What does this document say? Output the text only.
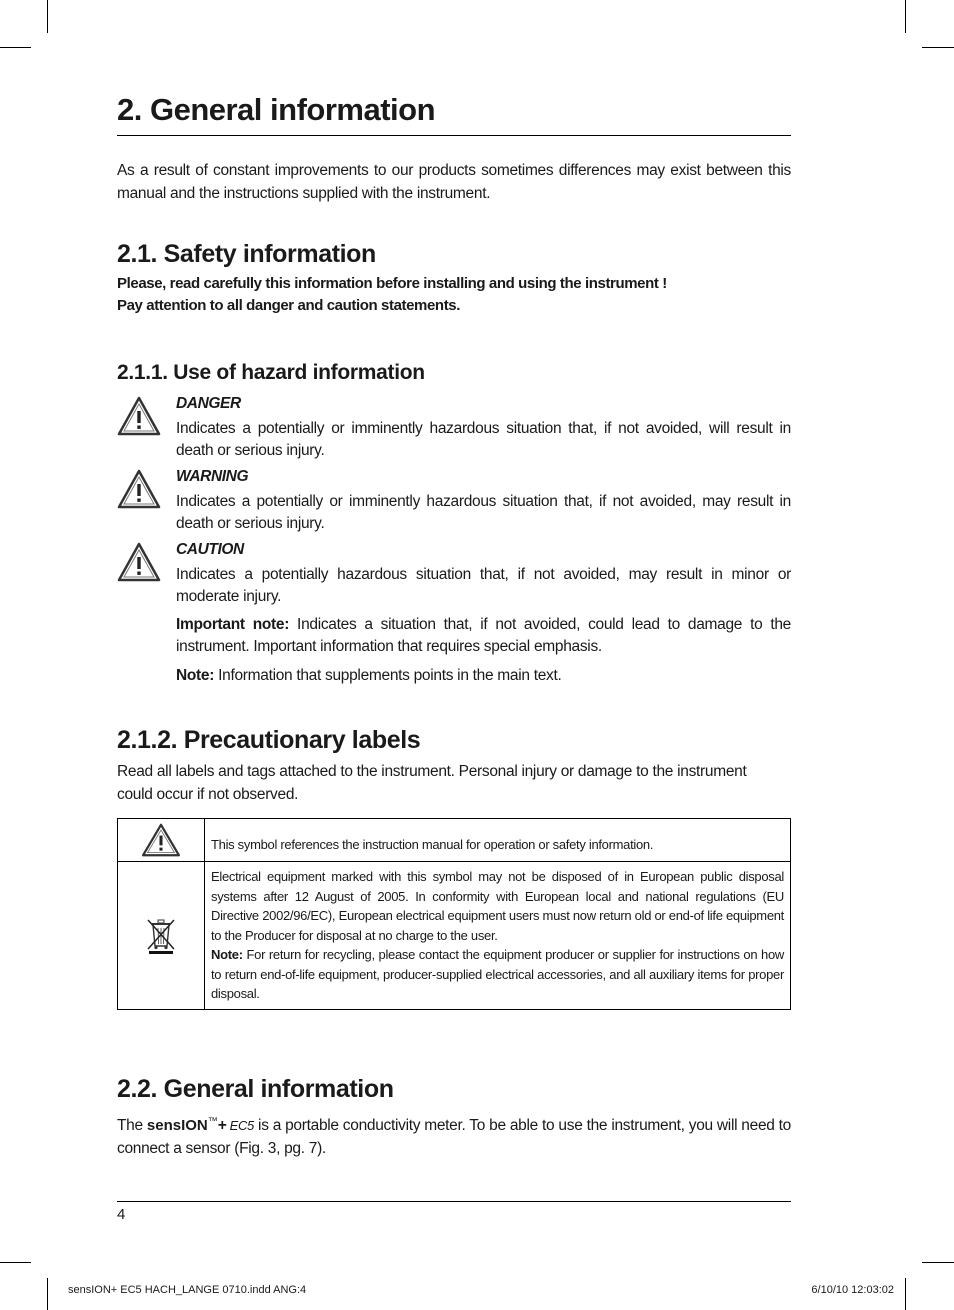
2. General information
As a result of constant improvements to our products sometimes differences may exist between this manual and the instructions supplied with the instrument.
2.1. Safety information
Please, read carefully this information before installing and using the instrument !
Pay attention to all danger and caution statements.
2.1.1. Use of hazard information
DANGER
Indicates a potentially or imminently hazardous situation that, if not avoided, will result in death or serious injury.
WARNING
Indicates a potentially or imminently hazardous situation that, if not avoided, may result in death or serious injury.
CAUTION
Indicates a potentially hazardous situation that, if not avoided, may result in minor or moderate injury.
Important note: Indicates a situation that, if not avoided, could lead to damage to the instrument. Important information that requires special emphasis.
Note: Information that supplements points in the main text.
2.1.2. Precautionary labels
Read all labels and tags attached to the instrument. Personal injury or damage to the instrument could occur if not observed.
	This symbol references the instruction manual for operation or safety information.

	Electrical equipment marked with this symbol may not be disposed of in European public disposal systems after 12 August of 2005. In conformity with European local and national regulations (EU Directive 2002/96/EC), European electrical equipment users must now return old or end-of life equipment to the Producer for disposal at no charge to the user.
Note: For return for recycling, please contact the equipment producer or supplier for instructions on how to return end-of-life equipment, producer-supplied electrical accessories, and all auxiliary items for proper disposal.
2.2. General information
The sensION™+ EC5 is a portable conductivity meter. To be able to use the instrument, you will need to connect a sensor (Fig. 3, pg. 7).
4
sensION+ EC5 HACH_LANGE 0710.indd ANG:4	6/10/10 12:03:02
